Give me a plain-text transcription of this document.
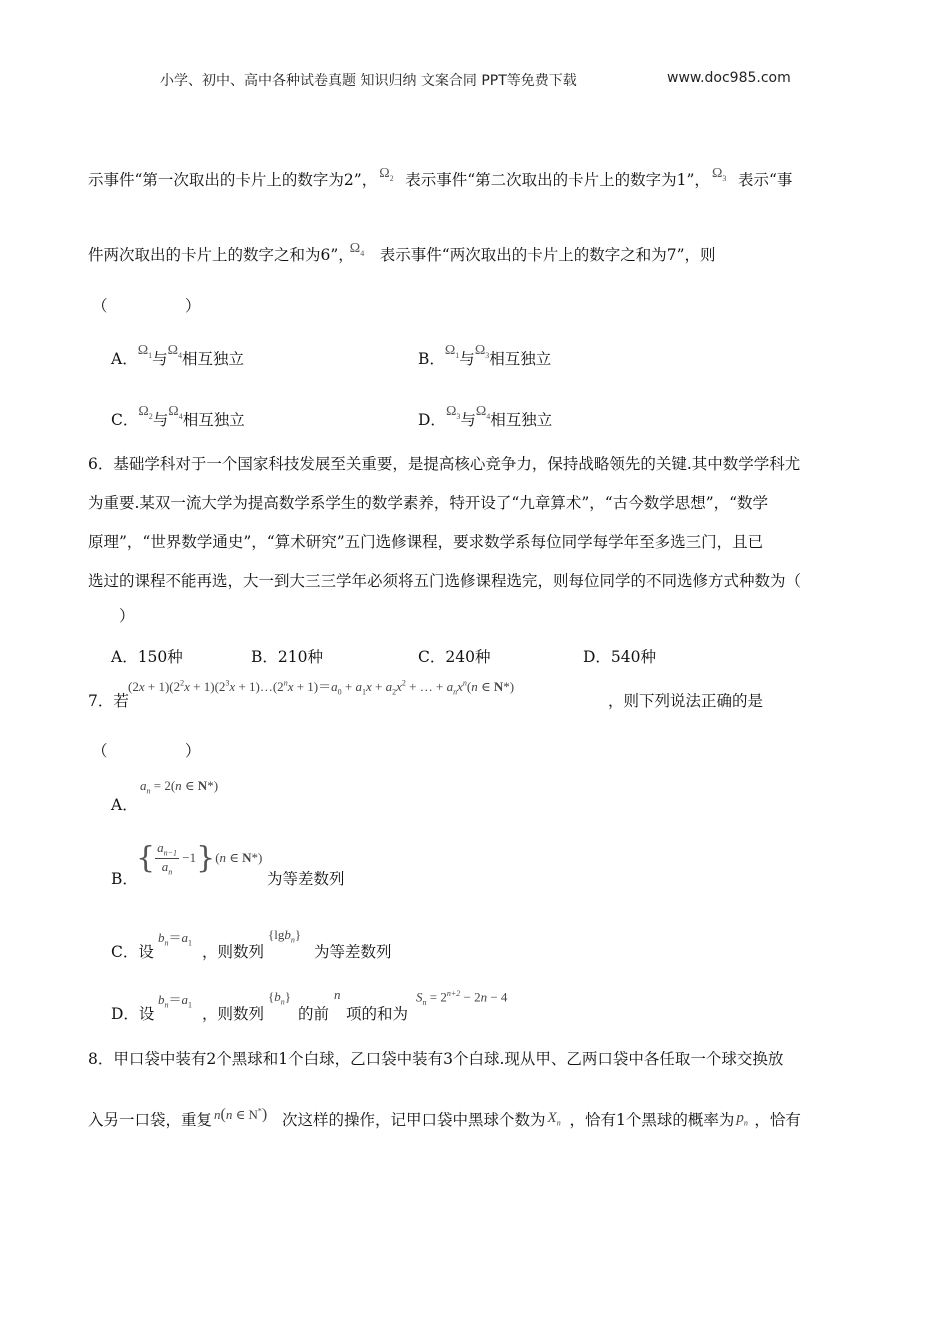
小学、初中、高中各种试卷真题 知识归纳 文案合同 PPT等免费下载	www.doc985.com
示事件“第一次取出的卡片上的数字为2”， $\Omega_2$ 表示事件“第二次取出的卡片上的数字为1”， $\Omega_3$ 表示“事
件两次取出的卡片上的数字之和为6”，
$\Omega_4$ 表示事件“两次取出的卡片上的数字之和为7”，则
（　　　　　）
A．$\Omega_1$与$\Omega_4$相互独立	B．$\Omega_1$与$\Omega_3$相互独立
C．$\Omega_2$与$\Omega_4$相互独立	D．$\Omega_3$与$\Omega_4$相互独立
6．基础学科对于一个国家科技发展至关重要，是提高核心竞争力，保持战略领先的关键.其中数学学科尤
为重要.某双一流大学为提高数学系学生的数学素养，特开设了“九章算术”，“古今数学思想”，“数学
原理”，“世界数学通史”，“算术研究”五门选修课程，要求数学系每位同学每学年至多选三门，且已
选过的课程不能再选，大一到大三三学年必须将五门选修课程选完，则每位同学的不同选修方式种数为（
　　）
A．150种	B．210种	C．240种	D．540种
7．若
$(2x + 1)(2^2x + 1)(2^3x$ + $1)\dots(2^nx + 1)=a_0 + a_1x + a_2x^2$ + … + $a_nx^n(n$ ∈ N*)
，则下列说法正确的是
（　　　　　）
A．
$a_n = 2(n$ ∈ N*)
B．
{ $\frac{a_{n-1}}{a_n} -1\}(n$ ∈ N*)
为等差数列
C．设
$b_n=a_1$ ，则数列
{lgb$_n$}
为等差数列
D．设
$b_n=a_1$ ，则数列
$\{b_n\}$
的前
n
项的和为
$S_n = 2^{n+2} - 2n - 4$
8．甲口袋中装有2个黑球和1个白球，乙口袋中装有3个白球.现从甲、乙两口袋中各任取一个球交换放
入另一口袋，重复 n(n ∈ N*) 次这样的操作，记甲口袋中黑球个数为 $X_n$ ，恰有1个黑球的概率为 $p_n$ ，恰有
